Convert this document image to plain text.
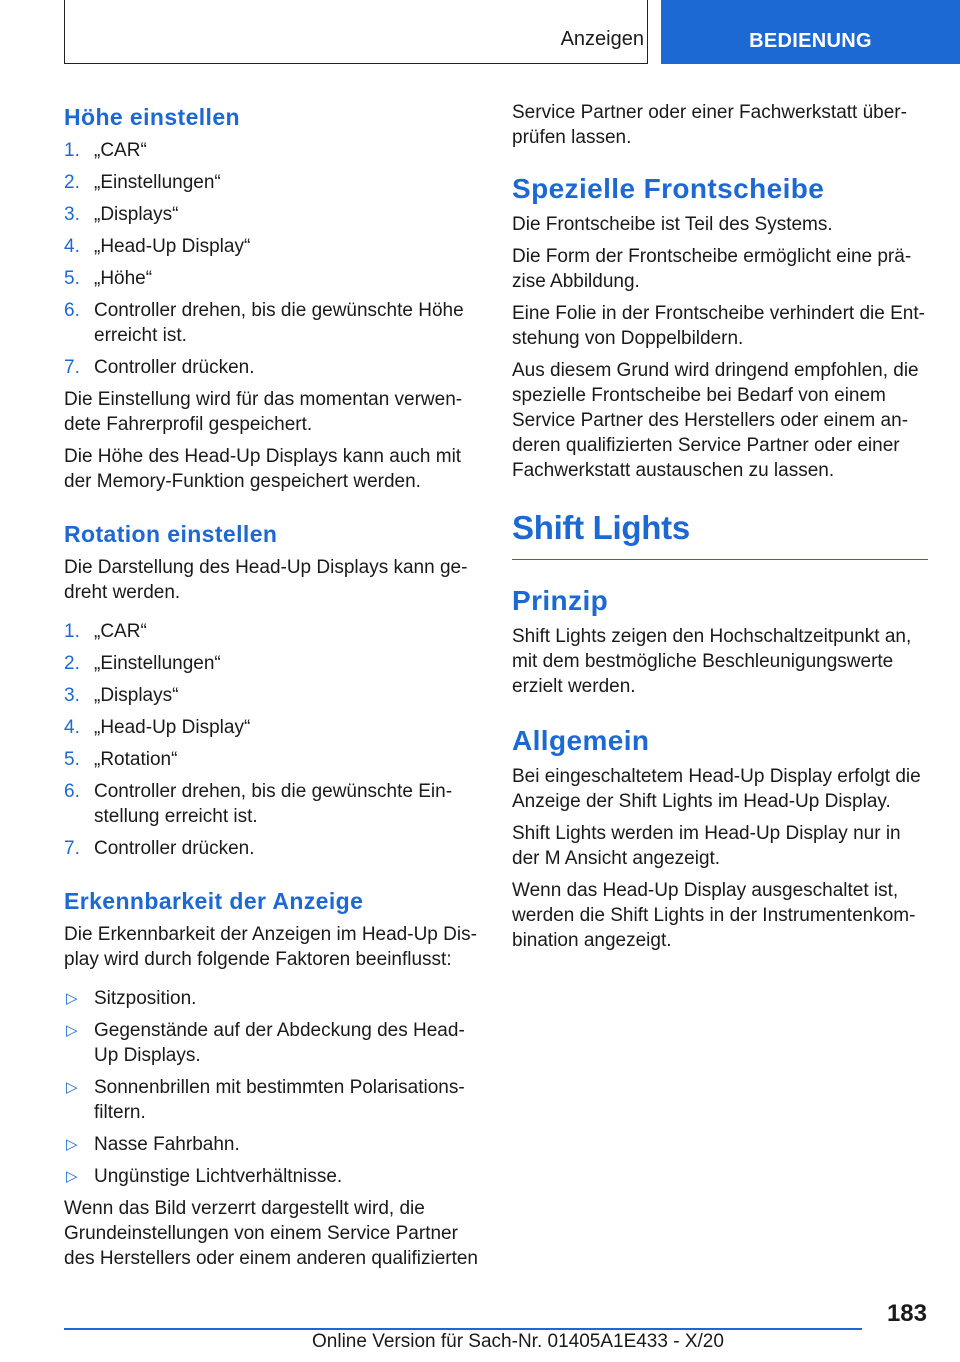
Anzeigen	BEDIENUNG
Höhe einstellen
1. „CAR“
2. „Einstellungen“
3. „Displays“
4. „Head-Up Display“
5. „Höhe“
6. Controller drehen, bis die gewünschte Höhe erreicht ist.
7. Controller drücken.

Die Einstellung wird für das momentan verwendete Fahrerprofil gespeichert.

Die Höhe des Head-Up Displays kann auch mit der Memory-Funktion gespeichert werden.

Rotation einstellen

Die Darstellung des Head-Up Displays kann gedreht werden.

1. „CAR“
2. „Einstellungen“
3. „Displays“
4. „Head-Up Display“
5. „Rotation“
6. Controller drehen, bis die gewünschte Einstellung erreicht ist.
7. Controller drücken.
Erkennbarkeit der Anzeige

Die Erkennbarkeit der Anzeigen im Head-Up Display wird durch folgende Faktoren beeinflusst:

▷ Sitzposition.
▷ Gegenstände auf der Abdeckung des Head-Up Displays.
▷ Sonnenbrillen mit bestimmten Polarisationsfiltern.
▷ Nasse Fahrbahn.
▷ Ungünstige Lichtverhältnisse.

Wenn das Bild verzerrt dargestellt wird, die Grundeinstellungen von einem Service Partner des Herstellers oder einem anderen qualifizierten

Service Partner oder einer Fachwerkstatt überprüfen lassen.

Spezielle Frontscheibe

Die Frontscheibe ist Teil des Systems.

Die Form der Frontscheibe ermöglicht eine präzise Abbildung.

Eine Folie in der Frontscheibe verhindert die Entstehung von Doppelbildern.

Aus diesem Grund wird dringend empfohlen, die spezielle Frontscheibe bei Bedarf von einem Service Partner des Herstellers oder einem anderen qualifizierten Service Partner oder einer Fachwerkstatt austauschen zu lassen.

Shift Lights
Prinzip

Shift Lights zeigen den Hochschaltzeitpunkt an, mit dem bestmögliche Beschleunigungswerte erzielt werden.

Allgemein

Bei eingeschaltetem Head-Up Display erfolgt die Anzeige der Shift Lights im Head-Up Display.

Shift Lights werden im Head-Up Display nur in der M Ansicht angezeigt.

Wenn das Head-Up Display ausgeschaltet ist, werden die Shift Lights in der Instrumentenkombination angezeigt.

183
Online Version für Sach-Nr. 01405A1E433 - X/20
